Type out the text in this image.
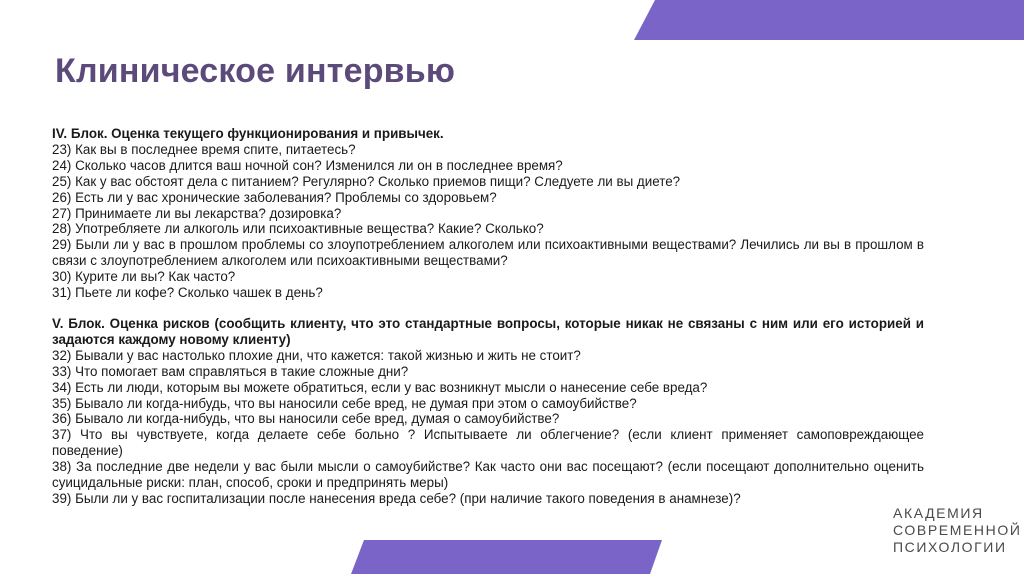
Клиническое интервью

IV. Блок. Оценка текущего функционирования и привычек.

23) Как вы в последнее время спите, питаетесь?

24) Сколько часов длится ваш ночной сон? Изменился ли он в последнее время?

25) Как у вас обстоят дела с питанием? Регулярно? Сколько приемов пищи? Следуете ли вы диете?

26) Есть ли у вас хронические заболевания? Проблемы со здоровьем?

27) Принимаете ли вы лекарства? дозировка?

28) Употребляете ли алкоголь или психоактивные вещества? Какие? Сколько?

29) Были ли у вас в прошлом проблемы со злоупотреблением алкоголем или психоактивными веществами? Лечились ли вы в прошлом в связи с злоупотреблением алкоголем или психоактивными веществами?

30) Курите ли вы? Как часто?

31) Пьете ли кофе? Сколько чашек в день?

V. Блок. Оценка рисков (сообщить клиенту, что это стандартные вопросы, которые никак не связаны с ним или его историей и задаются каждому новому клиенту)

32) Бывали у вас настолько плохие дни, что кажется: такой жизнью и жить не стоит?

33) Что помогает вам справляться в такие сложные дни?

34) Есть ли люди, которым вы можете обратиться, если у вас возникнут мысли о нанесение себе вреда?

35) Бывало ли когда-нибудь, что вы наносили себе вред, не думая при этом о самоубийстве?

36) Бывало ли когда-нибудь, что вы наносили себе вред, думая о самоубийстве?

37) Что вы чувствуете, когда делаете себе больно ? Испытываете ли облегчение? (если клиент применяет самоповреждающее поведение)

38) За последние две недели у вас были мысли о самоубийстве? Как часто они вас посещают? (если посещают дополнительно оценить суицидальные риски: план, способ, сроки и предпринять меры)

39) Были ли у вас госпитализации после нанесения вреда себе? (при наличие такого поведения в анамнезе)?

АКАДЕМИЯ
СОВРЕМЕННОЙ
ПСИХОЛОГИИ
